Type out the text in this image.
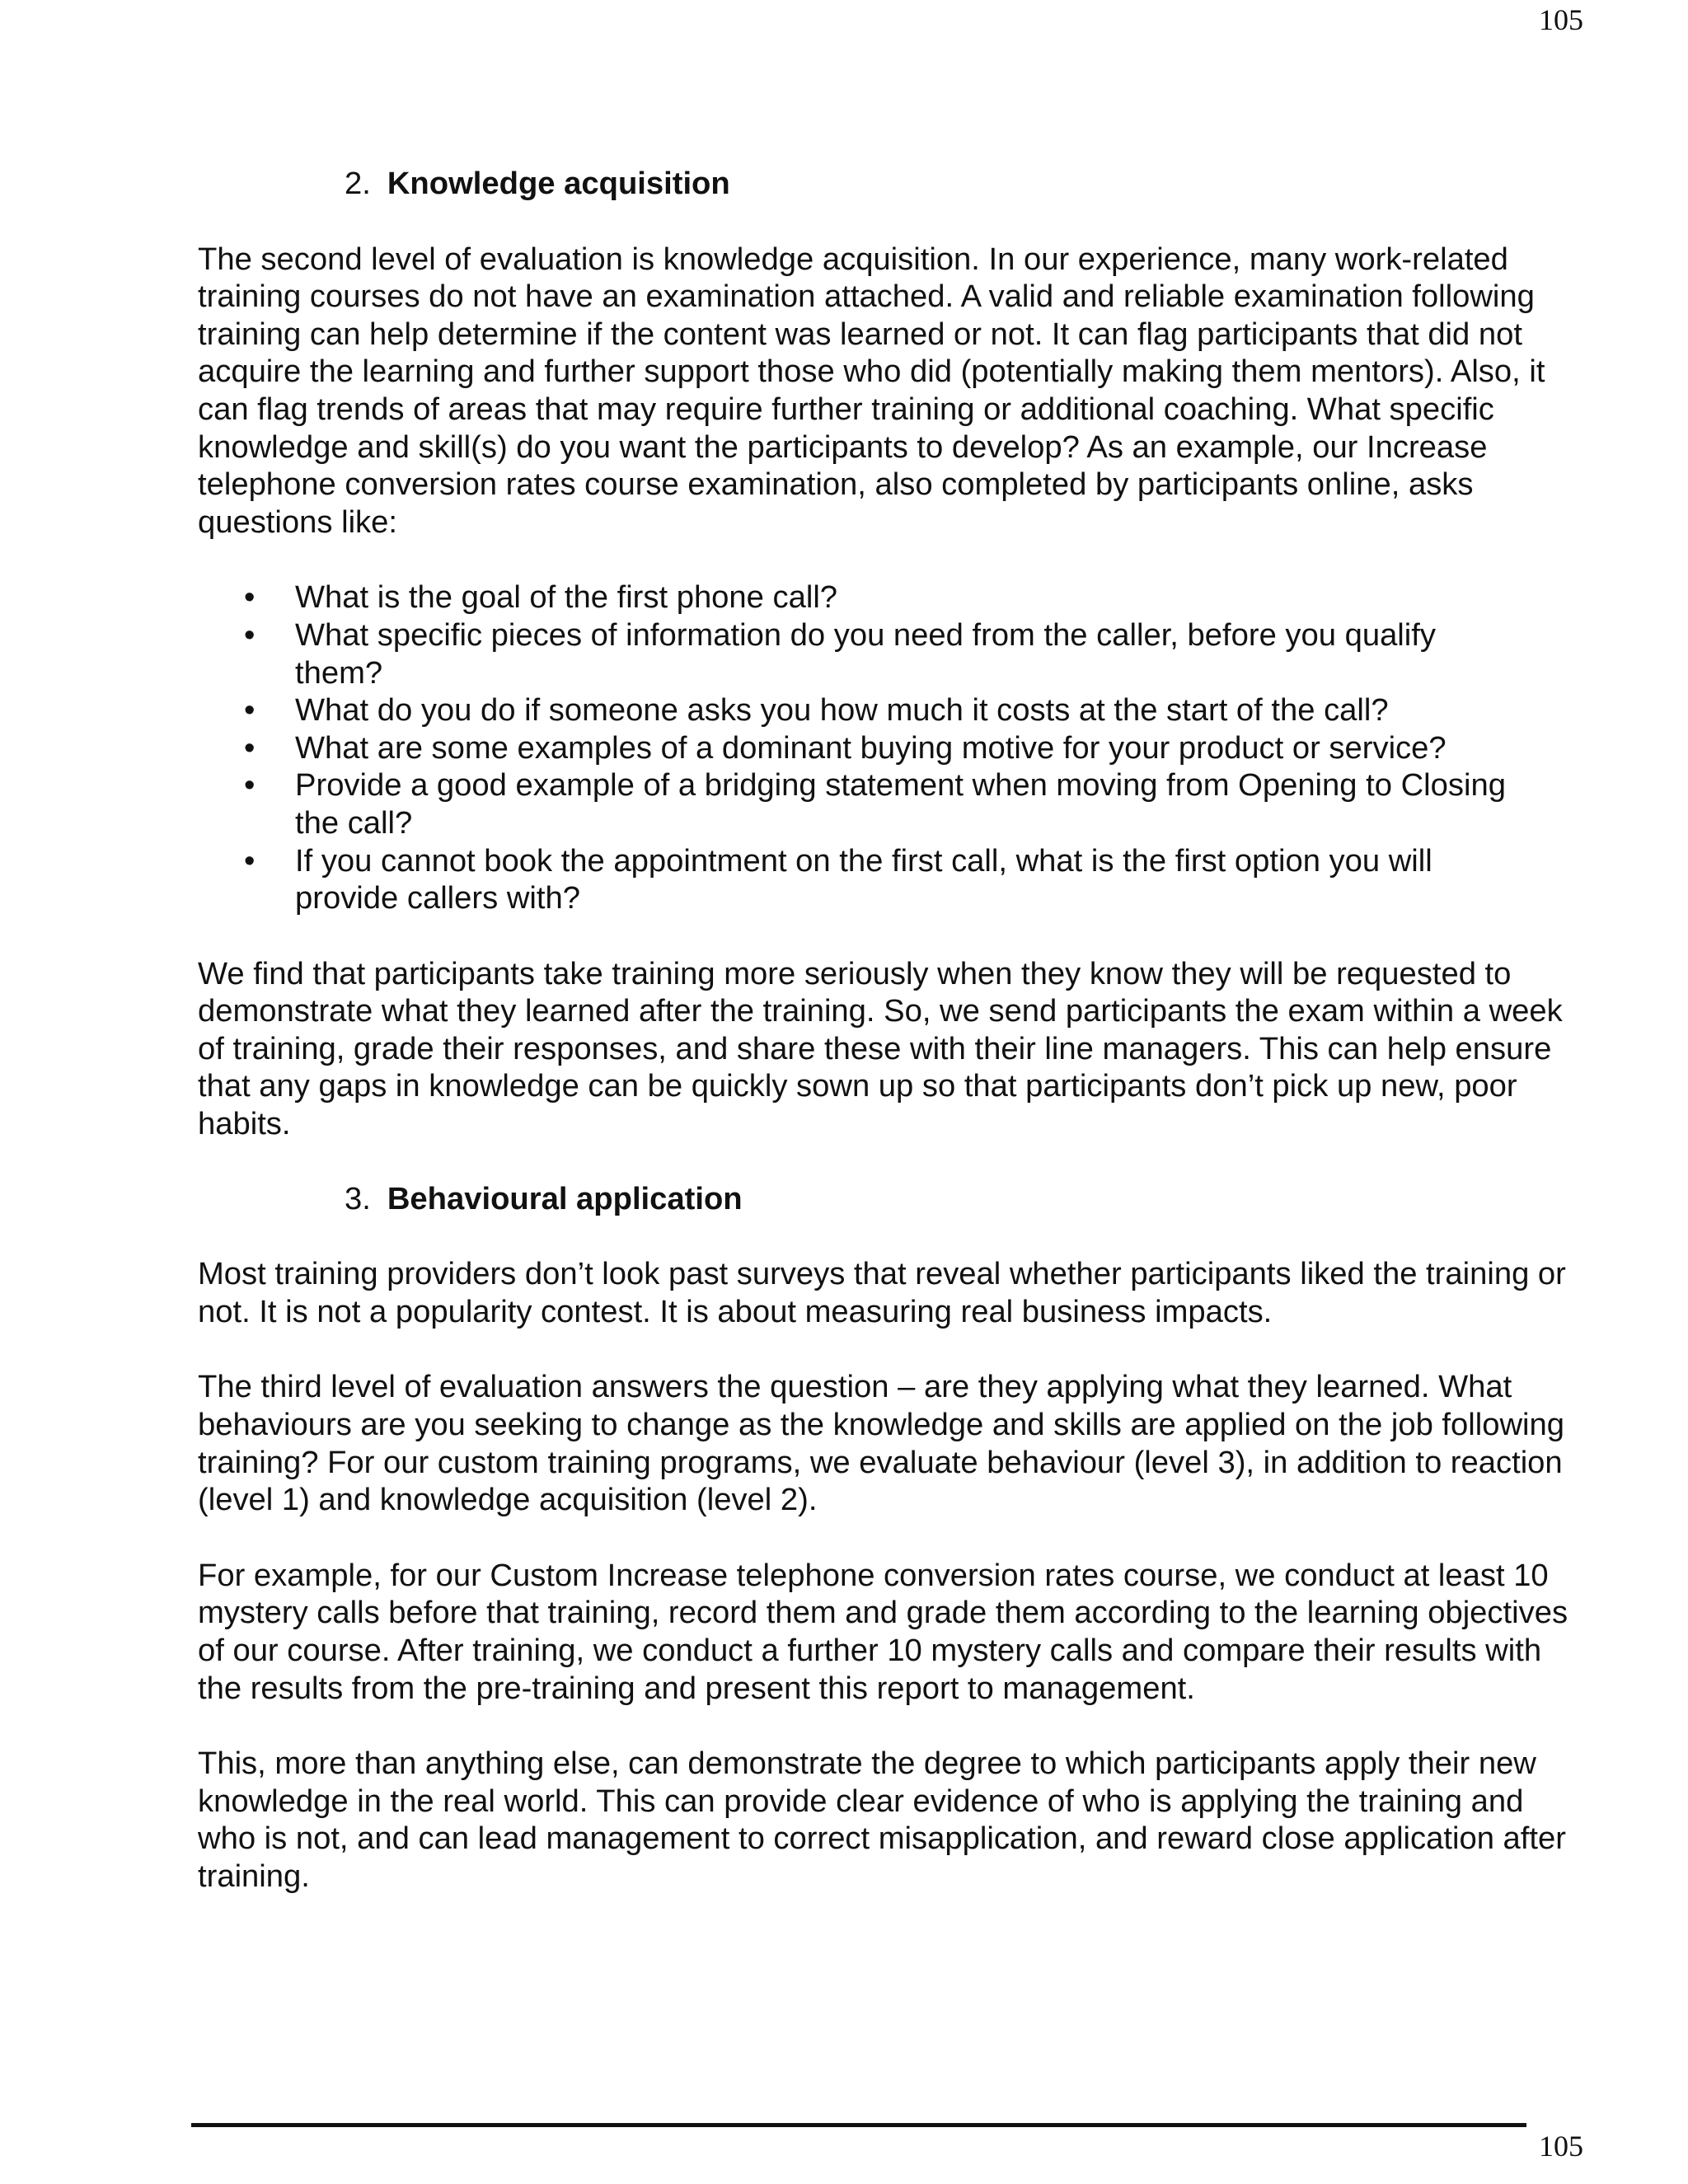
105
2. Knowledge acquisition

The second level of evaluation is knowledge acquisition. In our experience, many work-related training courses do not have an examination attached. A valid and reliable examination following training can help determine if the content was learned or not. It can flag participants that did not acquire the learning and further support those who did (potentially making them mentors). Also, it can flag trends of areas that may require further training or additional coaching. What specific knowledge and skill(s) do you want the participants to develop? As an example, our Increase telephone conversion rates course examination, also completed by participants online, asks questions like:

• What is the goal of the first phone call?
• What specific pieces of information do you need from the caller, before you qualify them?
• What do you do if someone asks you how much it costs at the start of the call?
• What are some examples of a dominant buying motive for your product or service?
• Provide a good example of a bridging statement when moving from Opening to Closing the call?
• If you cannot book the appointment on the first call, what is the first option you will provide callers with?

We find that participants take training more seriously when they know they will be requested to demonstrate what they learned after the training. So, we send participants the exam within a week of training, grade their responses, and share these with their line managers. This can help ensure that any gaps in knowledge can be quickly sown up so that participants don’t pick up new, poor habits.

3. Behavioural application

Most training providers don’t look past surveys that reveal whether participants liked the training or not. It is not a popularity contest. It is about measuring real business impacts.

The third level of evaluation answers the question – are they applying what they learned. What behaviours are you seeking to change as the knowledge and skills are applied on the job following training? For our custom training programs, we evaluate behaviour (level 3), in addition to reaction (level 1) and knowledge acquisition (level 2).

For example, for our Custom Increase telephone conversion rates course, we conduct at least 10 mystery calls before that training, record them and grade them according to the learning objectives of our course. After training, we conduct a further 10 mystery calls and compare their results with the results from the pre-training and present this report to management.

This, more than anything else, can demonstrate the degree to which participants apply their new knowledge in the real world. This can provide clear evidence of who is applying the training and who is not, and can lead management to correct misapplication, and reward close application after training.

105
